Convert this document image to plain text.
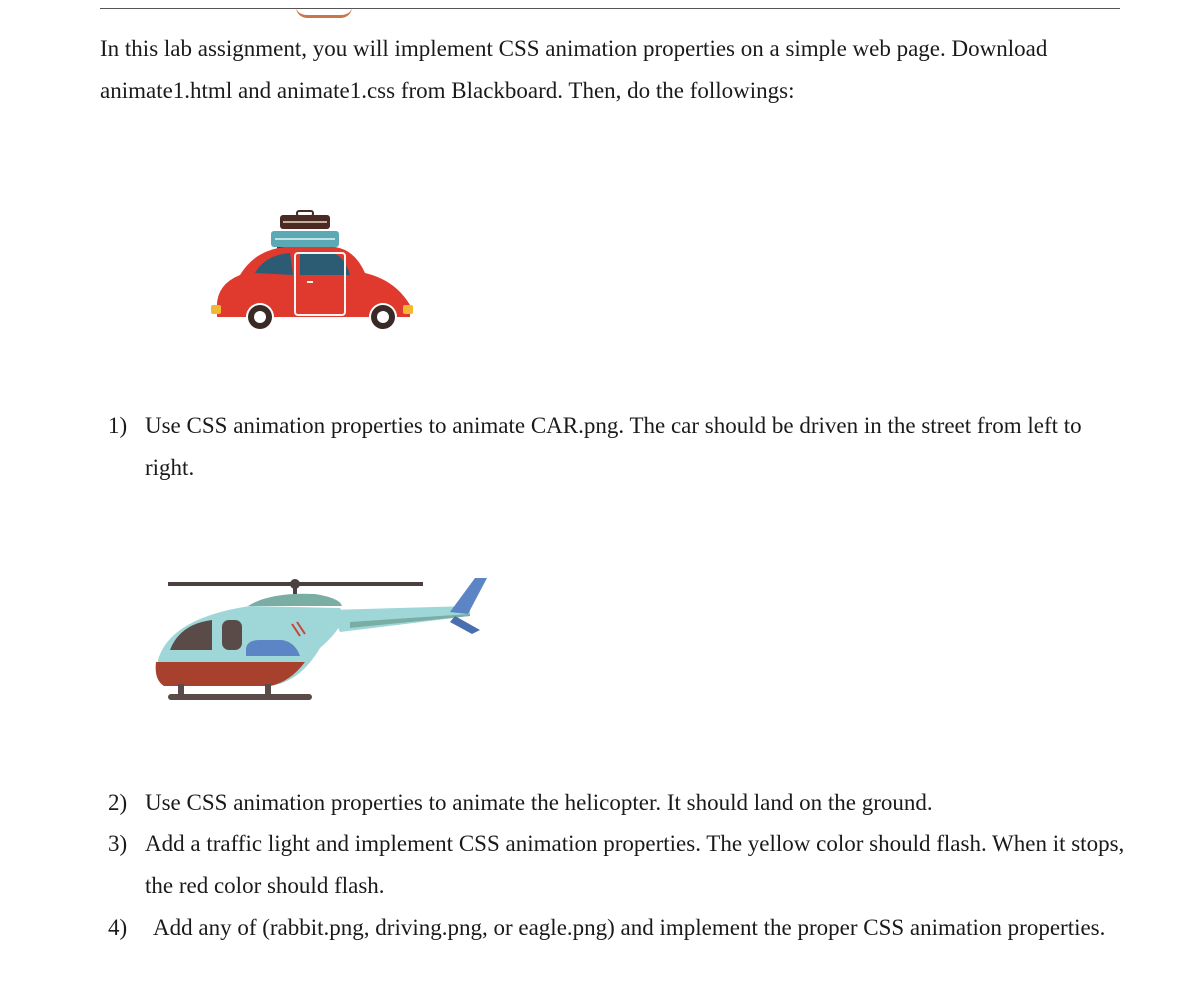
In this lab assignment, you will implement CSS animation properties on a simple web page. Download animate1.html and animate1.css from Blackboard. Then, do the followings:

1) Use CSS animation properties to animate CAR.png. The car should be driven in the street from left to right.
2) Use CSS animation properties to animate the helicopter. It should land on the ground.
3) Add a traffic light and implement CSS animation properties. The yellow color should flash. When it stops, the red color should flash.
4)	Add any of (rabbit.png, driving.png, or eagle.png) and implement the proper CSS animation properties.
